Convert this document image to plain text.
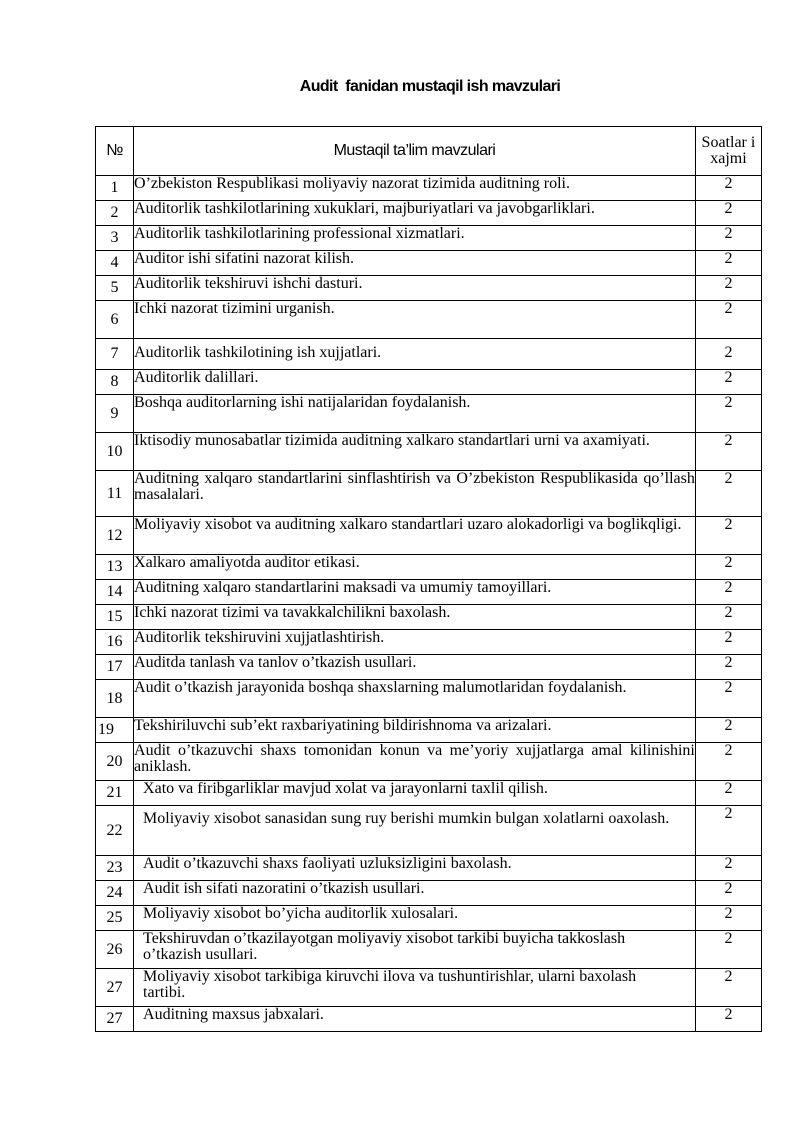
Audit  fanidan mustaqil ish mavzulari
№	Mustaqil ta’lim mavzulari	Soatlar i xajmi
1	O’zbekiston Respublikasi moliyaviy nazorat tizimida auditning roli.	2
2	Auditorlik tashkilotlarining xukuklari, majburiyatlari va javobgarliklari.	2
3	Auditorlik tashkilotlarining professional xizmatlari.	2
4	Auditor ishi sifatini nazorat kilish.	2
5	Auditorlik tekshiruvi ishchi dasturi.	2
6	Ichki nazorat tizimini urganish.	2
7	Auditorlik tashkilotining ish xujjatlari.	2
8	Auditorlik dalillari.	2
9	Boshqa auditorlarning ishi natijalaridan foydalanish.	2
10	Iktisodiy munosabatlar tizimida auditning xalkaro standartlari urni va axamiyati.	2
11	Auditning xalqaro standartlarini sinflashtirish va O’zbekiston Respublikasida qo’llash masalalari.	2
12	Moliyaviy xisobot va auditning xalkaro standartlari uzaro alokadorligi va boglikqligi.	2
13	Xalkaro amaliyotda auditor etikasi.	2
14	Auditning xalqaro standartlarini maksadi va umumiy tamoyillari.	2
15	Ichki nazorat tizimi va tavakkalchilikni baxolash.	2
16	Auditorlik tekshiruvini xujjatlashtirish.	2
17	Auditda tanlash va tanlov o’tkazish usullari.	2
18	Audit o’tkazish jarayonida boshqa shaxslarning malumotlaridan foydalanish.	2
19	Tekshiriluvchi sub’ekt raxbariyatining bildirishnoma va arizalari.	2
20	Audit o’tkazuvchi shaxs tomonidan konun va me’yoriy xujjatlarga amal kilinishini aniklash.	2
21	Xato va firibgarliklar mavjud xolat va jarayonlarni taxlil qilish.	2
22	Moliyaviy xisobot sanasidan sung ruy berishi mumkin bulgan xolatlarni oaxolash.	2
23	Audit o’tkazuvchi shaxs faoliyati uzluksizligini baxolash.	2
24	Audit ish sifati nazoratini o’tkazish usullari.	2
25	Moliyaviy xisobot bo’yicha auditorlik xulosalari.	2
26	Tekshiruvdan o’tkazilayotgan moliyaviy xisobot tarkibi buyicha takkoslash o’tkazish usullari.	2
27	Moliyaviy xisobot tarkibiga kiruvchi ilova va tushuntirishlar, ularni baxolash tartibi.	2
27	Auditning maxsus jabxalari.	2
